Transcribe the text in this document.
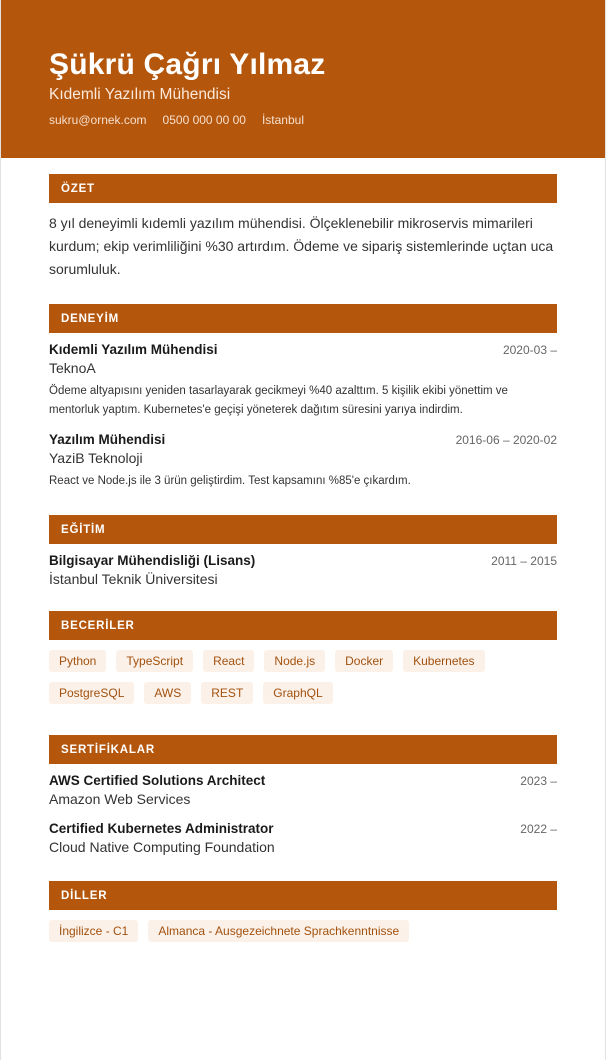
Şükrü Çağrı Yılmaz
Kıdemli Yazılım Mühendisi
sukru@ornek.com 0500 000 00 00 İstanbul
ÖZET

8 yıl deneyimli kıdemli yazılım mühendisi. Ölçeklenebilir mikroservis mimarileri kurdum; ekip verimliliğini %30 artırdım. Ödeme ve sipariş sistemlerinde uçtan uca sorumluluk.

DENEYİM
Kıdemli Yazılım Mühendisi	2020-03 –
TeknoA
Ödeme altyapısını yeniden tasarlayarak gecikmeyi %40 azalttım. 5 kişilik ekibi yönettim ve mentorluk yaptım. Kubernetes'e geçişi yöneterek dağıtım süresini yarıya indirdim.
Yazılım Mühendisi	2016-06 – 2020-02
YaziB Teknoloji
React ve Node.js ile 3 ürün geliştirdim. Test kapsamını %85'e çıkardım.
EĞİTİM
Bilgisayar Mühendisliği (Lisans)	2011 – 2015
İstanbul Teknik Üniversitesi
BECERİLER
Python	TypeScript	React	Node.js	Docker	Kubernetes
PostgreSQL	AWS	REST	GraphQL
SERTİFİKALAR
AWS Certified Solutions Architect	2023 –
Amazon Web Services
Certified Kubernetes Administrator	2022 –
Cloud Native Computing Foundation
DİLLER
İngilizce - C1	Almanca - Ausgezeichnete Sprachkenntnisse
